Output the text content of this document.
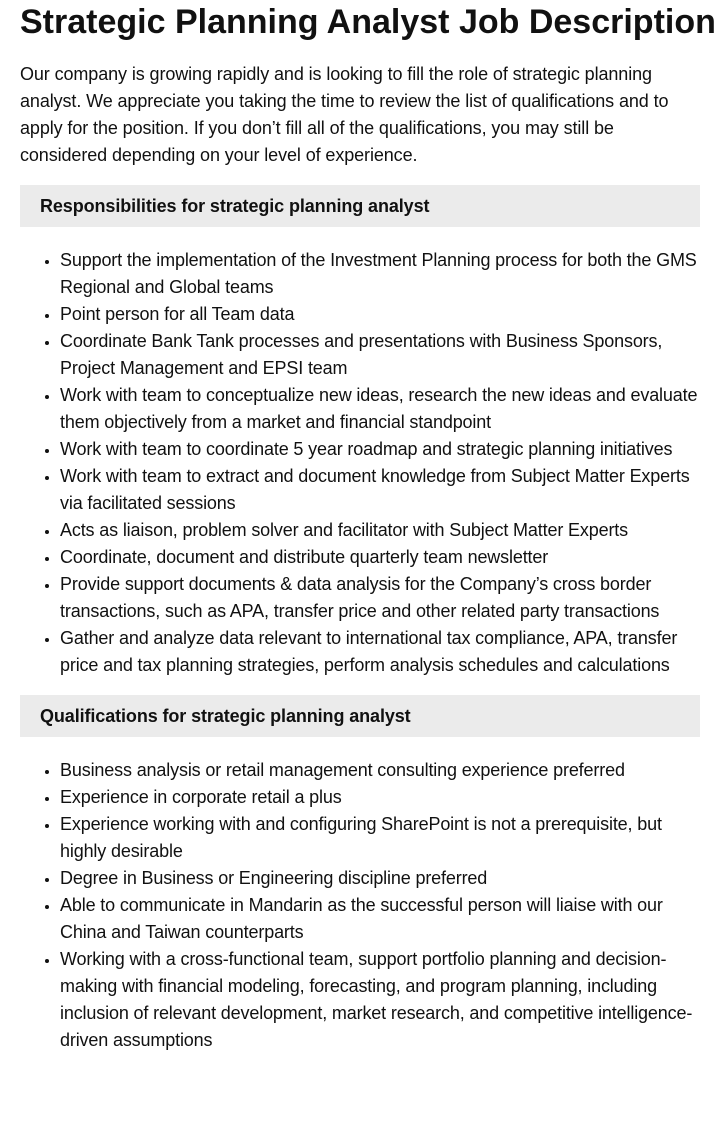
Strategic Planning Analyst Job Description

Our company is growing rapidly and is looking to fill the role of strategic planning analyst. We appreciate you taking the time to review the list of qualifications and to apply for the position. If you don’t fill all of the qualifications, you may still be considered depending on your level of experience.

Responsibilities for strategic planning analyst
• Support the implementation of the Investment Planning process for both the GMS Regional and Global teams
• Point person for all Team data
• Coordinate Bank Tank processes and presentations with Business Sponsors, Project Management and EPSI team
• Work with team to conceptualize new ideas, research the new ideas and evaluate them objectively from a market and financial standpoint
• Work with team to coordinate 5 year roadmap and strategic planning initiatives
• Work with team to extract and document knowledge from Subject Matter Experts via facilitated sessions
• Acts as liaison, problem solver and facilitator with Subject Matter Experts
• Coordinate, document and distribute quarterly team newsletter
• Provide support documents & data analysis for the Company’s cross border transactions, such as APA, transfer price and other related party transactions
• Gather and analyze data relevant to international tax compliance, APA, transfer price and tax planning strategies, perform analysis schedules and calculations
Qualifications for strategic planning analyst
• Business analysis or retail management consulting experience preferred
• Experience in corporate retail a plus
• Experience working with and configuring SharePoint is not a prerequisite, but highly desirable
• Degree in Business or Engineering discipline preferred
• Able to communicate in Mandarin as the successful person will liaise with our China and Taiwan counterparts
• Working with a cross-functional team, support portfolio planning and decision-making with financial modeling, forecasting, and program planning, including inclusion of relevant development, market research, and competitive intelligence-driven assumptions
